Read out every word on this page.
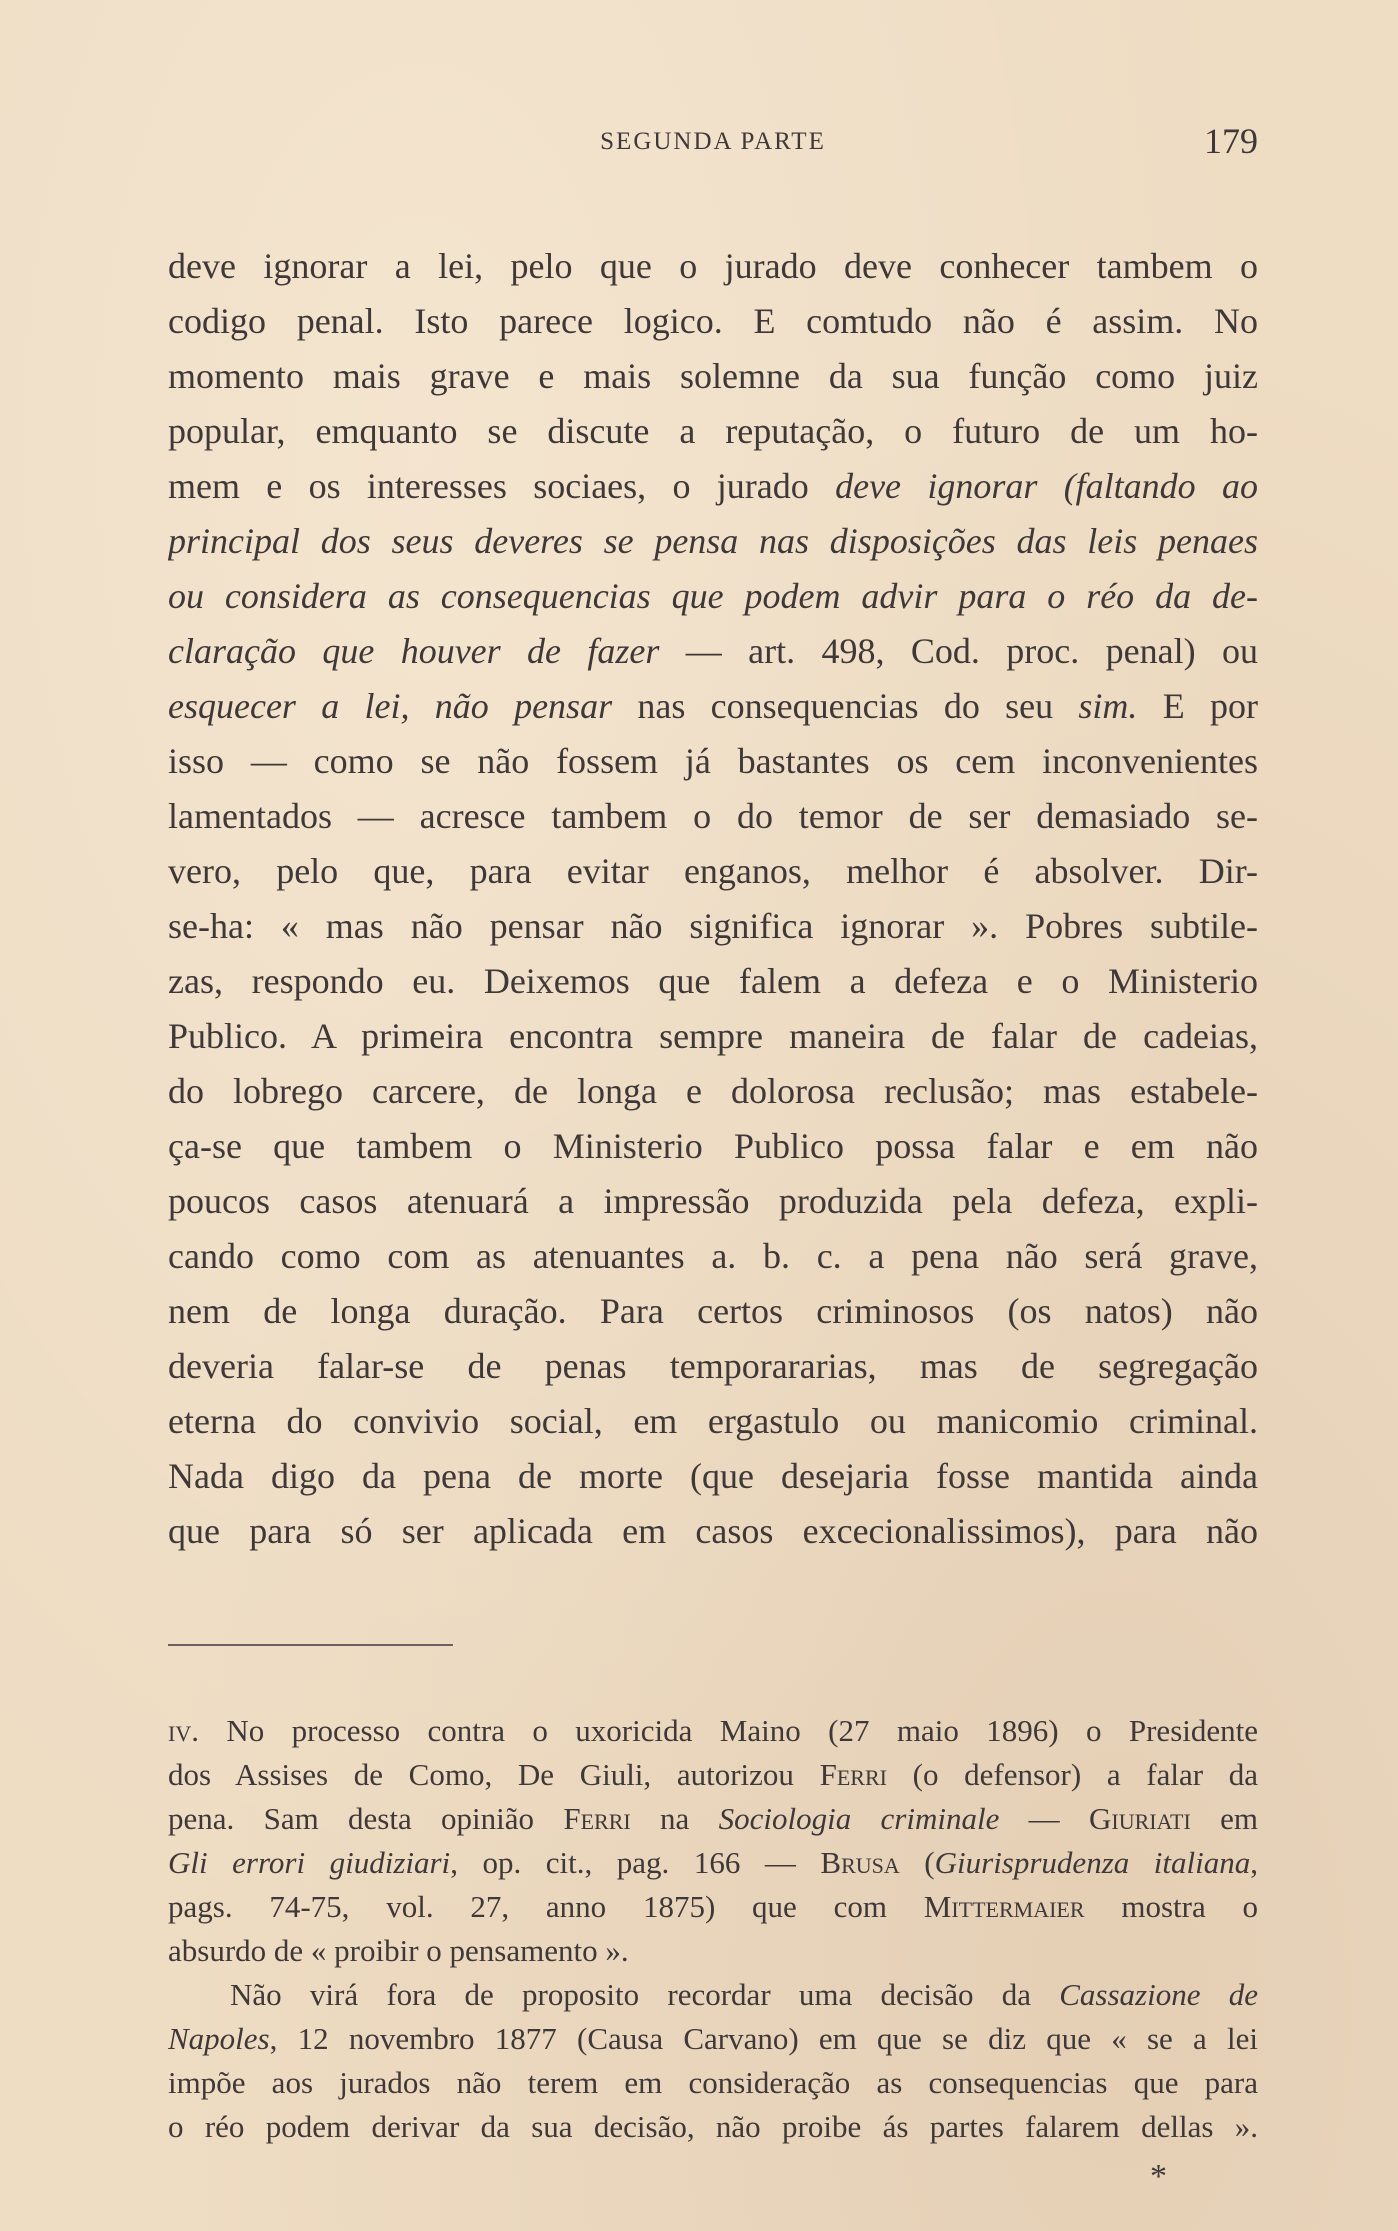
SEGUNDA PARTE	179
deve ignorar a lei, pelo que o jurado deve conhecer tambem o
codigo penal. Isto parece logico. E comtudo não é assim. No
momento mais grave e mais solemne da sua função como juiz
popular, emquanto se discute a reputação, o futuro de um ho-
mem e os interesses sociaes, o jurado deve ignorar (faltando ao
principal dos seus deveres se pensa nas disposições das leis penaes
ou considera as consequencias que podem advir para o réo da de-
claração que houver de fazer — art. 498, Cod. proc. penal) ou
esquecer a lei, não pensar nas consequencias do seu sim. E por
isso — como se não fossem já bastantes os cem inconvenientes
lamentados — acresce tambem o do temor de ser demasiado se-
vero, pelo que, para evitar enganos, melhor é absolver. Dir-
se-ha: « mas não pensar não significa ignorar ». Pobres subtile-
zas, respondo eu. Deixemos que falem a defeza e o Ministerio
Publico. A primeira encontra sempre maneira de falar de cadeias,
do lobrego carcere, de longa e dolorosa reclusão; mas estabele-
ça-se que tambem o Ministerio Publico possa falar e em não
poucos casos atenuará a impressão produzida pela defeza, expli-
cando como com as atenuantes a. b. c. a pena não será grave,
nem de longa duração. Para certos criminosos (os natos) não
deveria falar-se de penas temporararias, mas de segregação
eterna do convivio social, em ergastulo ou manicomio criminal.
Nada digo da pena de morte (que desejaria fosse mantida ainda
que para só ser aplicada em casos excecionalissimos), para não
iv. No processo contra o uxoricida Maino (27 maio 1896) o Presidente
dos Assises de Como, De Giuli, autorizou Ferri (o defensor) a falar da
pena. Sam desta opinião Ferri na Sociologia criminale — Giuriati em
Gli errori giudiziari, op. cit., pag. 166 — Brusa (Giurisprudenza italiana,
pags. 74-75, vol. 27, anno 1875) que com Mittermaier mostra o
absurdo de « proibir o pensamento ».
Não virá fora de proposito recordar uma decisão da Cassazione de
Napoles, 12 novembro 1877 (Causa Carvano) em que se diz que « se a lei
impõe aos jurados não terem em consideração as consequencias que para
o réo podem derivar da sua decisão, não proibe ás partes falarem dellas ».
*
